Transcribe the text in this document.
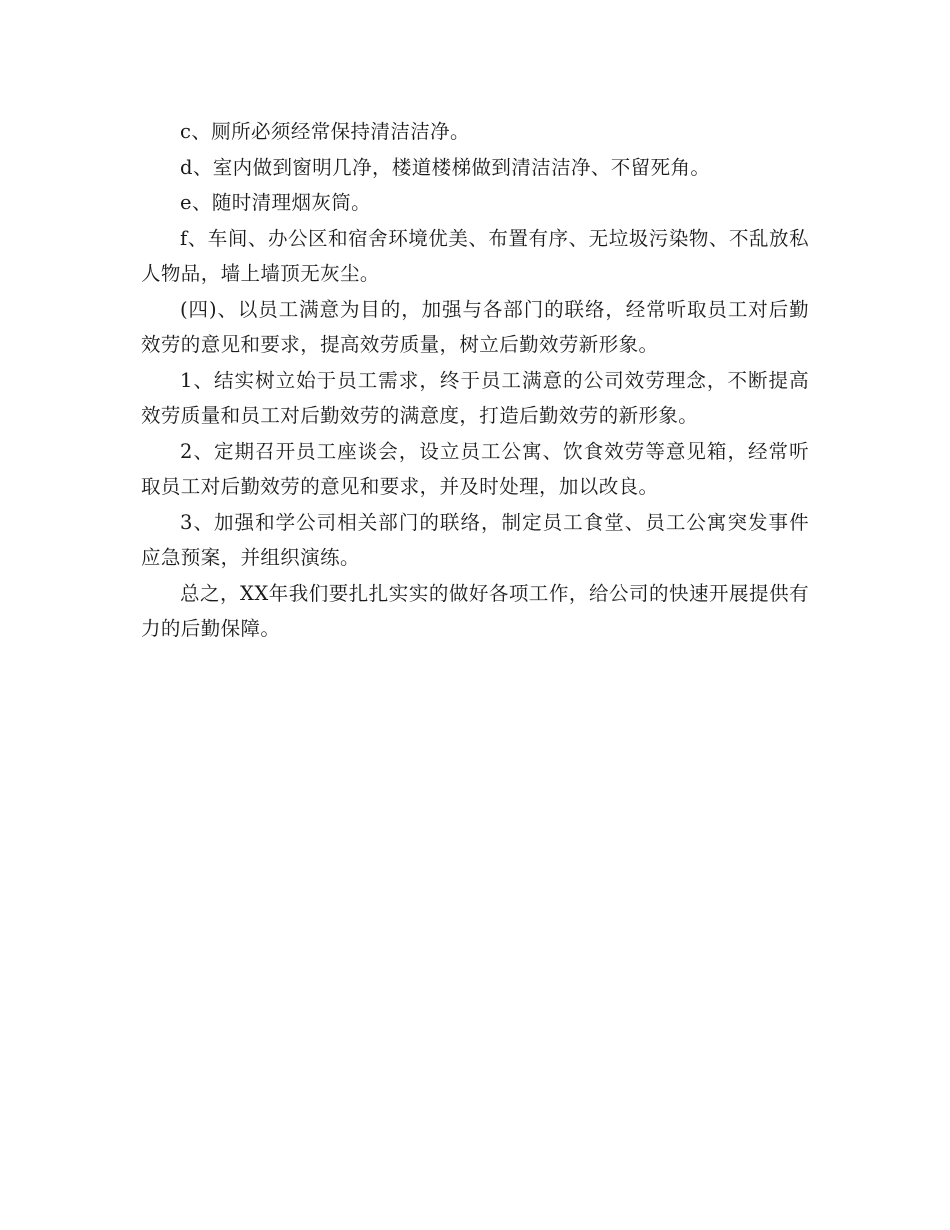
c、厕所必须经常保持清洁洁净。

d、室内做到窗明几净，楼道楼梯做到清洁洁净、不留死角。

e、随时清理烟灰筒。

f、车间、办公区和宿舍环境优美、布置有序、无垃圾污染物、不乱放私人物品，墙上墙顶无灰尘。

(四)、以员工满意为目的，加强与各部门的联络，经常听取员工对后勤效劳的意见和要求，提高效劳质量，树立后勤效劳新形象。

1、结实树立始于员工需求，终于员工满意的公司效劳理念，不断提高效劳质量和员工对后勤效劳的满意度，打造后勤效劳的新形象。

2、定期召开员工座谈会，设立员工公寓、饮食效劳等意见箱，经常听取员工对后勤效劳的意见和要求，并及时处理，加以改良。

3、加强和学公司相关部门的联络，制定员工食堂、员工公寓突发事件应急预案，并组织演练。

总之，XX年我们要扎扎实实的做好各项工作，给公司的快速开展提供有力的后勤保障。
